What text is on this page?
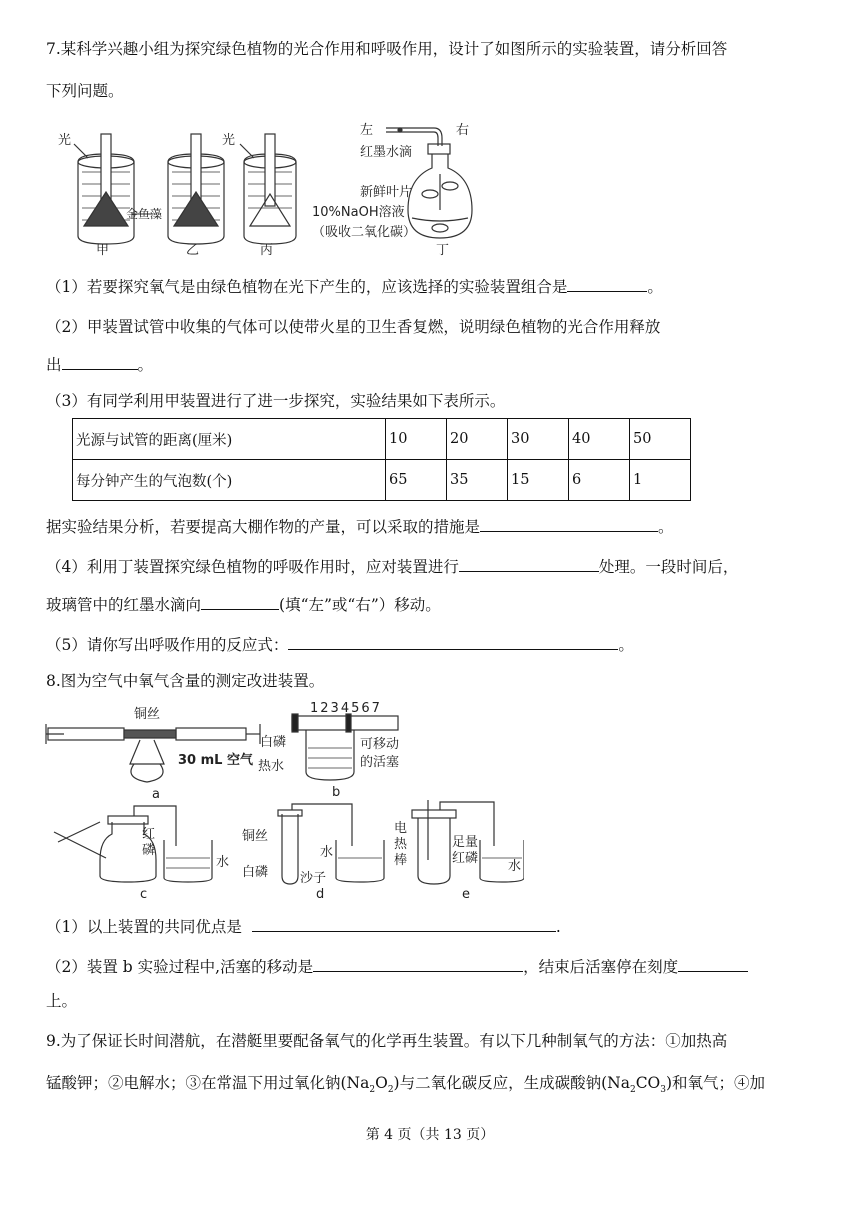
7.某科学兴趣小组为探究绿色植物的光合作用和呼吸作用，设计了如图所示的实验装置，请分析回答
下列问题。
光
甲
金鱼藻
乙
光
丙
左	右
红墨水滴
新鲜叶片
10%NaOH溶液
（吸收二氧化碳）
丁
（1）若要探究氧气是由绿色植物在光下产生的，应该选择的实验装置组合是	。
（2）甲装置试管中收集的气体可以使带火星的卫生香复燃，说明绿色植物的光合作用释放
出	。
（3）有同学利用甲装置进行了进一步探究，实验结果如下表所示。
光源与试管的距离(厘米)	10	20	30	40	50
每分钟产生的气泡数(个)	65	35	15	6	1
据实验结果分析，若要提高大棚作物的产量，可以采取的措施是	。
（4）利用丁装置探究绿色植物的呼吸作用时，应对装置进行	处理。一段时间后，
玻璃管中的红墨水滴向	(填“左”或“右”）移动。
（5）请你写出呼吸作用的反应式：	。
8.图为空气中氧气含量的测定改进装置。
铜丝
30 mL 空气
a
1234567
白磷
热水
可移动
的活塞
b
红
磷
水
c
铜丝
白磷
水
沙子
d
电
热
棒
足量
红磷
水
e
（1）以上装置的共同优点是	.
（2）装置 b 实验过程中,活塞的移动是	，结束后活塞停在刻度
上。
9.为了保证长时间潜航，在潜艇里要配备氧气的化学再生装置。有以下几种制氧气的方法：①加热高
锰酸钾；②电解水；③在常温下用过氧化钠$(Na_2O_2)$与二氧化碳反应，生成碳酸钠$(Na_2CO_3)$和氧气；④加
第 4 页（共 13 页）
